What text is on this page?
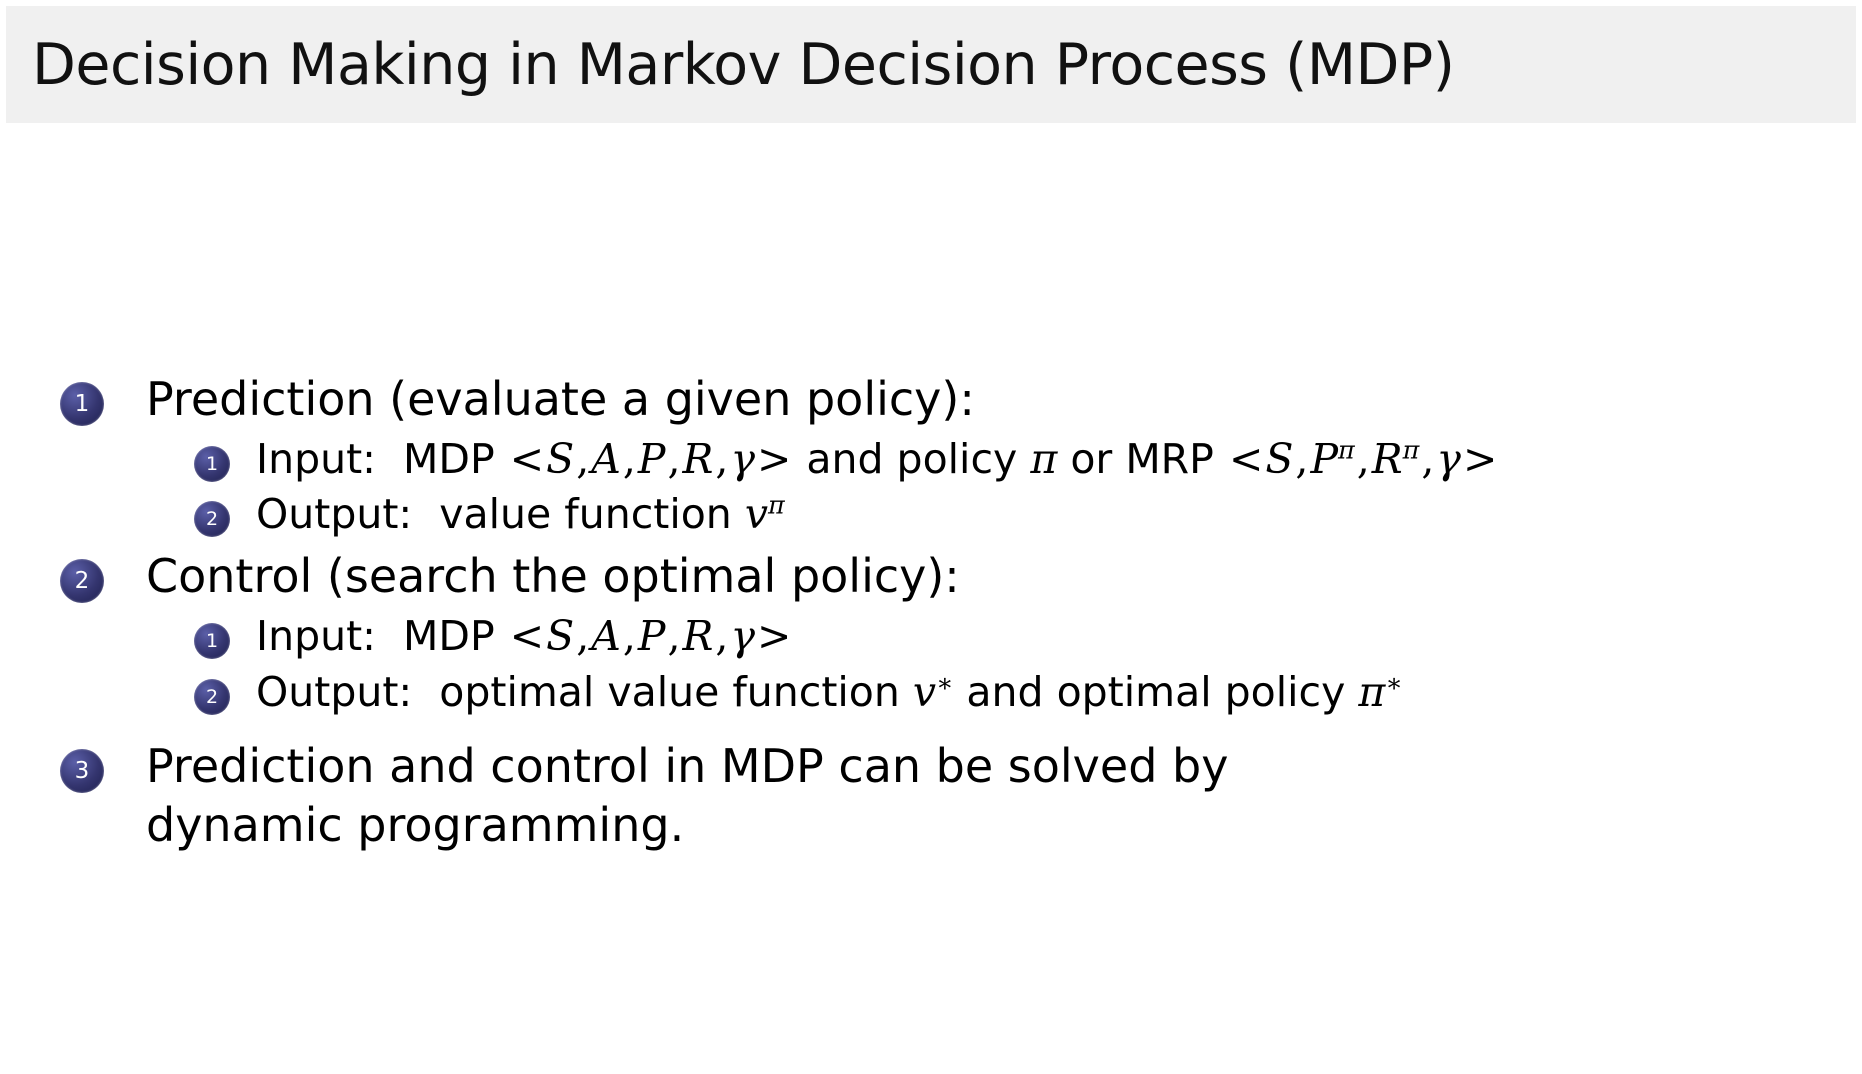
Decision Making in Markov Decision Process (MDP)
1	Prediction (evaluate a given policy):
1 Input: MDP <S,A,P,R,γ> and policy π or MRP $<S,P^\pi,R^\pi,\gamma>$
2 Output: value function $v^\pi$
2	Control (search the optimal policy):
1 Input: MDP <S,A,P,R,γ>
2 Output: optimal value function v∗ and optimal policy π∗
3	Prediction and control in MDP can be solved by dynamic programming.
